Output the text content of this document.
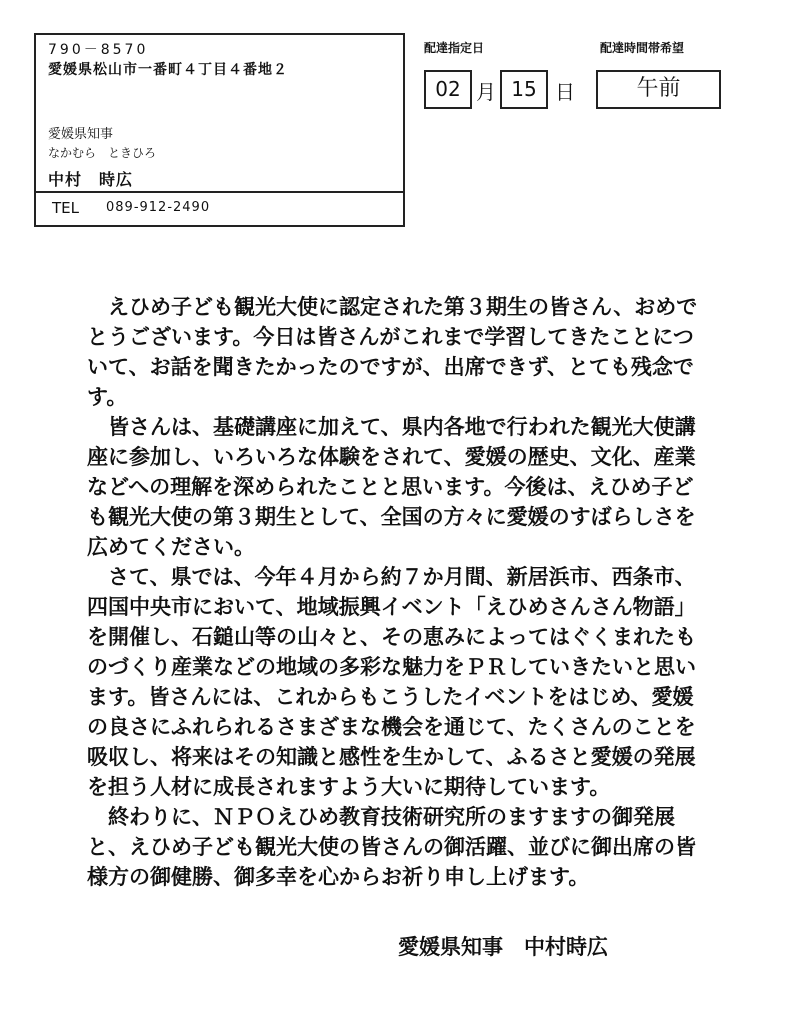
790－8570
愛媛県松山市一番町４丁目４番地２
愛媛県知事
なかむら　ときひろ
中村　時広
TEL 089-912-2490
配達指定日	配達時間帯希望
02 月 15 日	午前

えひめ子ども観光大使に認定された第３期生の皆さん、おめでとうございます。今日は皆さんがこれまで学習してきたことについて、お話を聞きたかったのですが、出席できず、とても残念です。

皆さんは、基礎講座に加えて、県内各地で行われた観光大使講座に参加し、いろいろな体験をされて、愛媛の歴史、文化、産業などへの理解を深められたことと思います。今後は、えひめ子ども観光大使の第３期生として、全国の方々に愛媛のすばらしさを広めてください。

さて、県では、今年４月から約７か月間、新居浜市、西条市、四国中央市において、地域振興イベント「えひめさんさん物語」を開催し、石鎚山等の山々と、その恵みによってはぐくまれたものづくり産業などの地域の多彩な魅力をＰＲしていきたいと思います。皆さんには、これからもこうしたイベントをはじめ、愛媛の良さにふれられるさまざまな機会を通じて、たくさんのことを吸収し、将来はその知識と感性を生かして、ふるさと愛媛の発展を担う人材に成長されますよう大いに期待しています。

終わりに、ＮＰＯえひめ教育技術研究所のますますの御発展と、えひめ子ども観光大使の皆さんの御活躍、並びに御出席の皆様方の御健勝、御多幸を心からお祈り申し上げます。

愛媛県知事　中村時広
